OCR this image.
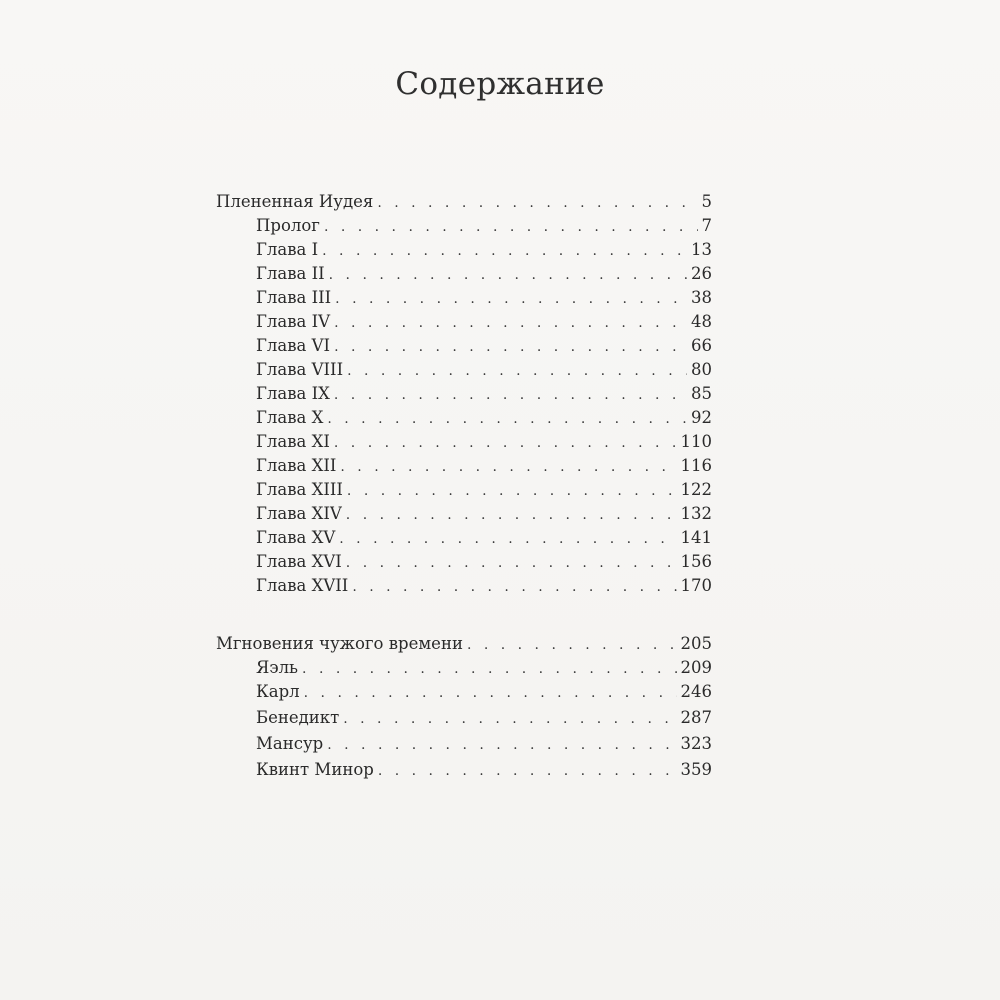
Содержание
Плененная Иудея . . .	5
Пролог . . .	7
Глава I . . .	13
Глава II . . .	26
Глава III . . .	38
Глава IV . . .	48
Глава VI . . .	66
Глава VIII . . .	80
Глава IX . . .	85
Глава X . . .	92
Глава XI . . .	110
Глава XII . . .	116
Глава XIII . . .	122
Глава XIV . . .	132
Глава XV . . .	141
Глава XVI . . .	156
Глава XVII . . .	170
Мгновения чужого времени . . .	205
Яэль . . .	209
Карл . . .	246
Бенедикт . . .	287
Мансур . . .	323
Квинт Минор . . .	359
